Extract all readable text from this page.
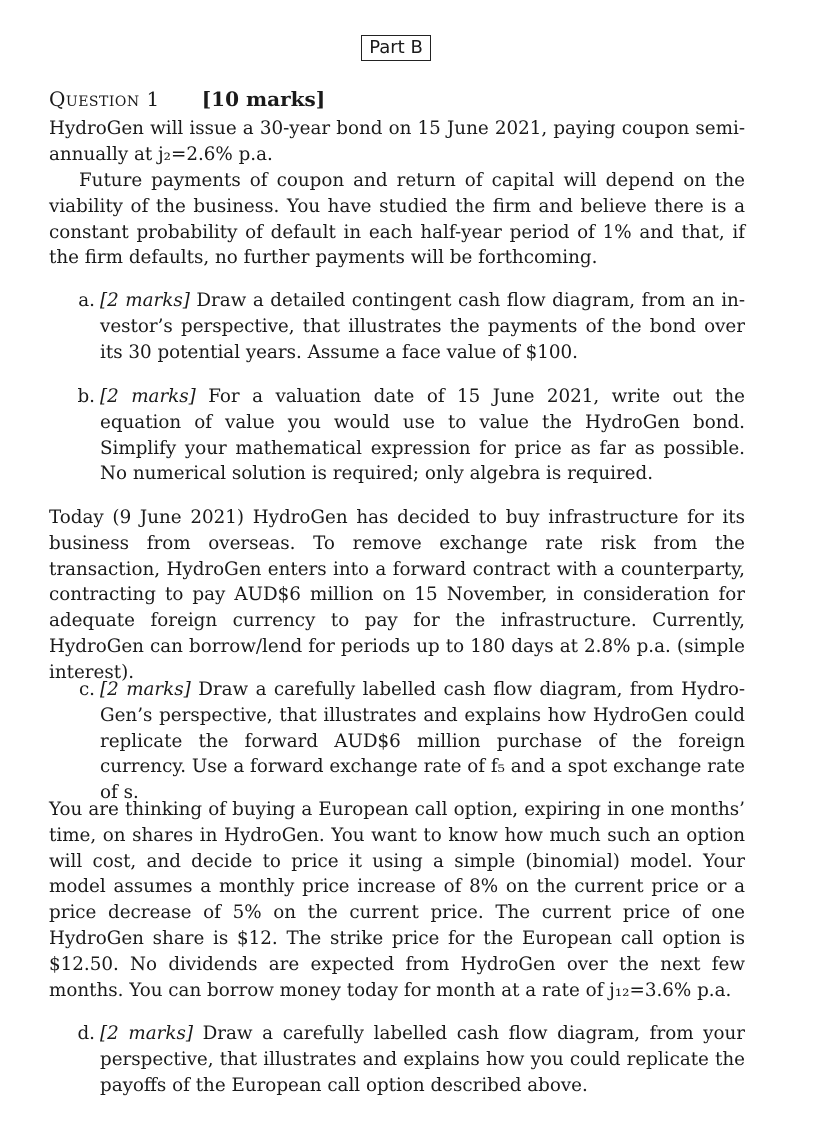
Part B
Question 1 [10 marks]
HydroGen will issue a 30-year bond on 15 June 2021, paying coupon semiannually at j₂=2.6% p.a.
Future payments of coupon and return of capital will depend on the viability of the business. You have studied the firm and believe there is a constant probability of default in each half-year period of 1% and that, if the firm defaults, no further payments will be forthcoming.
a. [2 marks] Draw a detailed contingent cash flow diagram, from an investor’s perspective, that illustrates the payments of the bond over its 30 potential years. Assume a face value of $100.
b. [2 marks] For a valuation date of 15 June 2021, write out the equation of value you would use to value the HydroGen bond. Simplify your mathematical expression for price as far as possible. No numerical solution is required; only algebra is required.
Today (9 June 2021) HydroGen has decided to buy infrastructure for its business from overseas. To remove exchange rate risk from the transaction, HydroGen enters into a forward contract with a counterparty, contracting to pay AUD$6 million on 15 November, in consideration for adequate foreign currency to pay for the infrastructure. Currently, HydroGen can borrow/lend for periods up to 180 days at 2.8% p.a. (simple interest).
c. [2 marks] Draw a carefully labelled cash flow diagram, from HydroGen’s perspective, that illustrates and explains how HydroGen could replicate the forward AUD$6 million purchase of the foreign currency. Use a forward exchange rate of f₅ and a spot exchange rate of s.
You are thinking of buying a European call option, expiring in one months’ time, on shares in HydroGen. You want to know how much such an option will cost, and decide to price it using a simple (binomial) model. Your model assumes a monthly price increase of 8% on the current price or a price decrease of 5% on the current price. The current price of one HydroGen share is $12. The strike price for the European call option is $12.50. No dividends are expected from HydroGen over the next few months. You can borrow money today for month at a rate of j₁₂=3.6% p.a.
d. [2 marks] Draw a carefully labelled cash flow diagram, from your perspective, that illustrates and explains how you could replicate the payoffs of the European call option described above.
